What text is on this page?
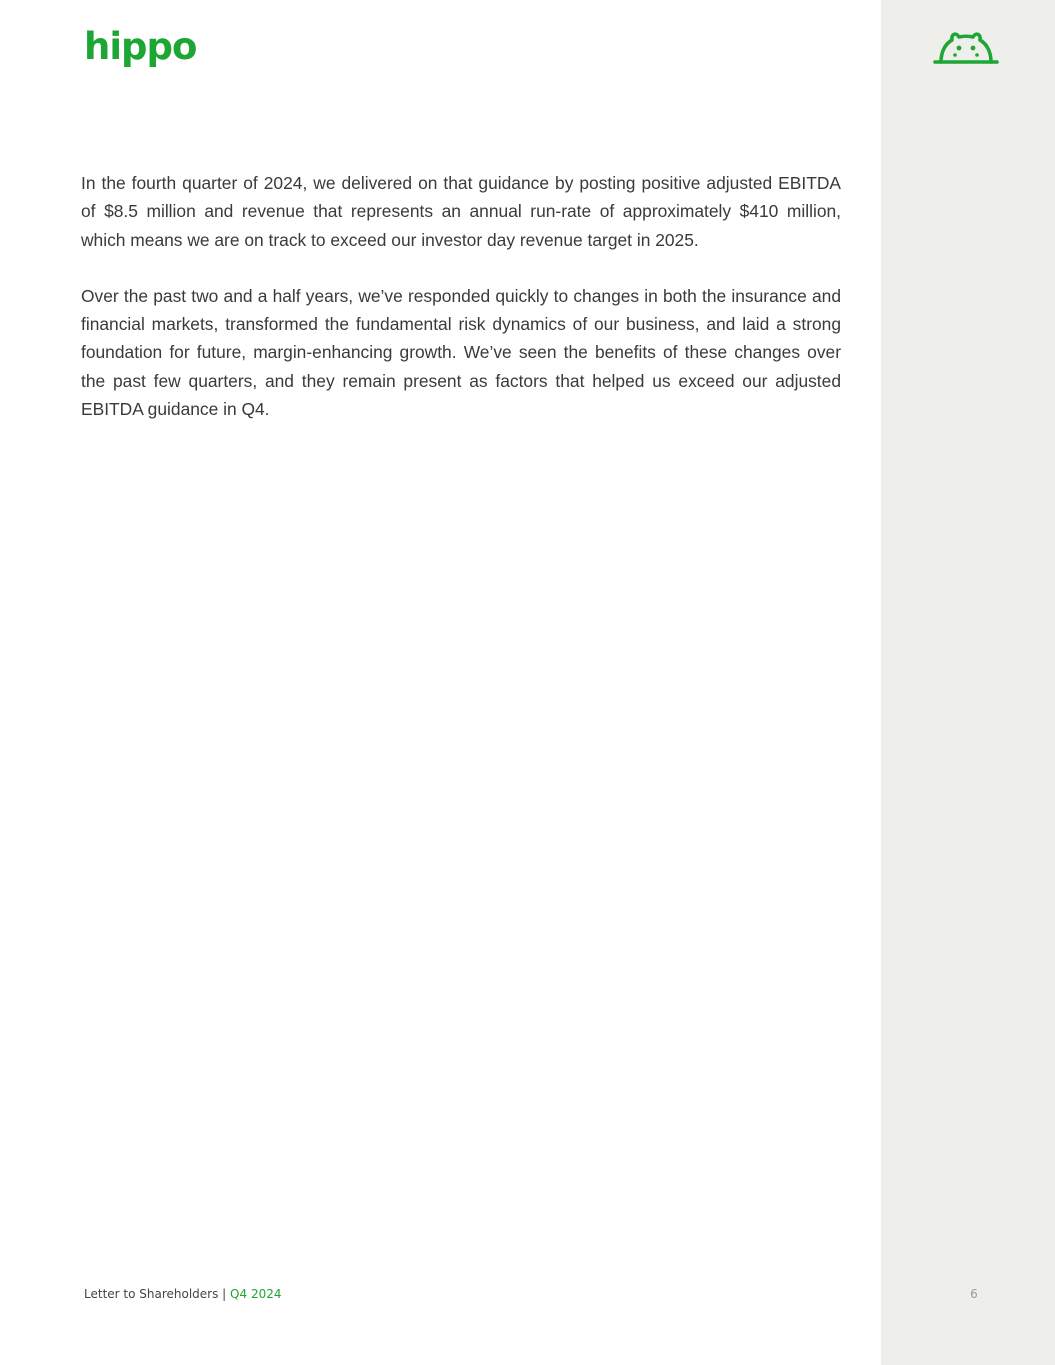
hippo

In the fourth quarter of 2024, we delivered on that guidance by posting positive adjusted EBITDA of $8.5 million and revenue that represents an annual run-rate of approximately $410 million, which means we are on track to exceed our investor day revenue target in 2025.

Over the past two and a half years, we’ve responded quickly to changes in both the insurance and financial markets, transformed the fundamental risk dynamics of our business, and laid a strong foundation for future, margin-enhancing growth. We’ve seen the benefits of these changes over the past few quarters, and they remain present as factors that helped us exceed our adjusted EBITDA guidance in Q4.

Letter to Shareholders | Q4 2024	6
